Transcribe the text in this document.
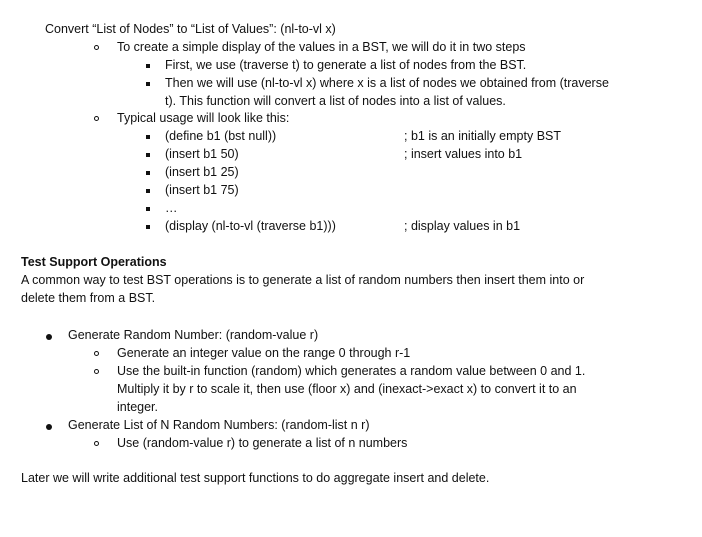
Convert “List of Nodes” to “List of Values”: (nl-to-vl x)
To create a simple display of the values in a BST, we will do it in two steps
First, we use (traverse t) to generate a list of nodes from the BST.
Then we will use (nl-to-vl x) where x is a list of nodes we obtained from (traverse
t). This function will convert a list of nodes into a list of values.
Typical usage will look like this:
(define b1 (bst null))	; b1 is an initially empty BST
(insert b1 50)	; insert values into b1
(insert b1 25)
(insert b1 75)
…
(display (nl-to-vl (traverse b1)))	; display values in b1
Test Support Operations
A common way to test BST operations is to generate a list of random numbers then insert them into or
delete them from a BST.
Generate Random Number: (random-value r)
Generate an integer value on the range 0 through r-1
Use the built-in function (random) which generates a random value between 0 and 1.
Multiply it by r to scale it, then use (floor x) and (inexact->exact x) to convert it to an
integer.
Generate List of N Random Numbers: (random-list n r)
Use (random-value r) to generate a list of n numbers
Later we will write additional test support functions to do aggregate insert and delete.
